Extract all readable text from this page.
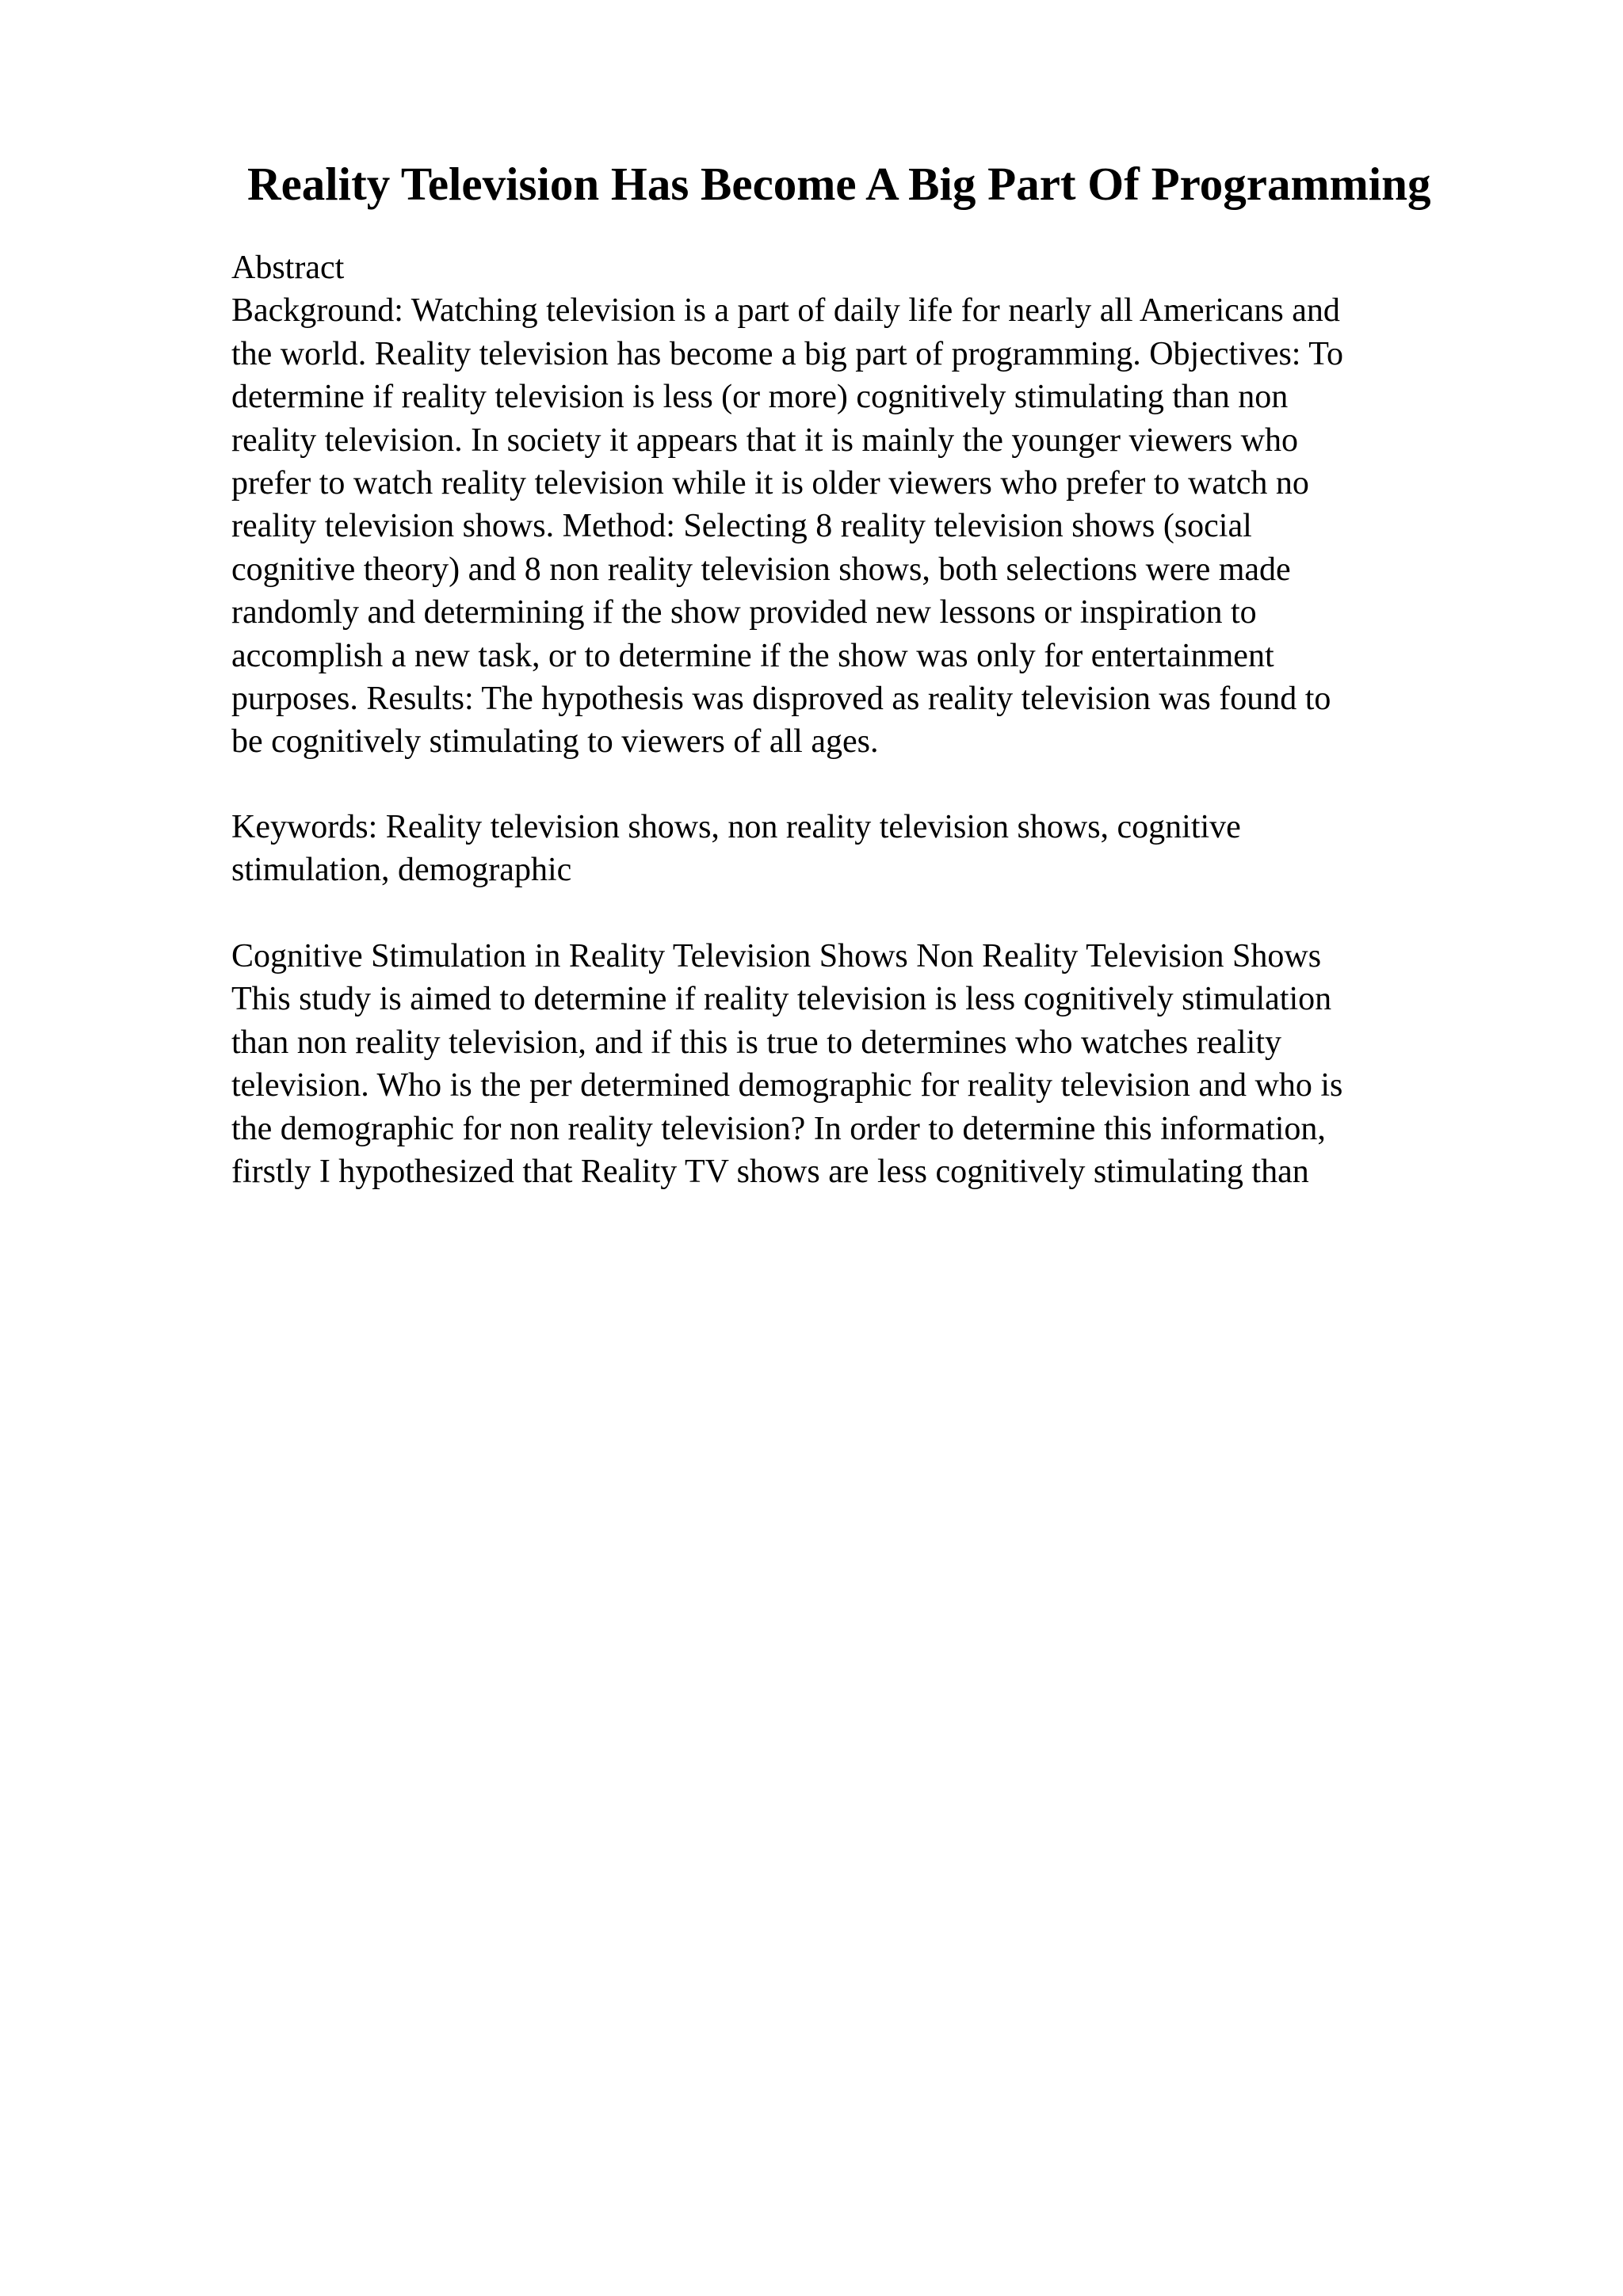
Reality Television Has Become A Big Part Of Programming
Abstract
Background: Watching television is a part of daily life for nearly all Americans and
the world. Reality television has become a big part of programming. Objectives: To
determine if reality television is less (or more) cognitively stimulating than non
reality television. In society it appears that it is mainly the younger viewers who
prefer to watch reality television while it is older viewers who prefer to watch no
reality television shows. Method: Selecting 8 reality television shows (social
cognitive theory) and 8 non reality television shows, both selections were made
randomly and determining if the show provided new lessons or inspiration to
accomplish a new task, or to determine if the show was only for entertainment
purposes. Results: The hypothesis was disproved as reality television was found to
be cognitively stimulating to viewers of all ages.
Keywords: Reality television shows, non reality television shows, cognitive
stimulation, demographic
Cognitive Stimulation in Reality Television Shows Non Reality Television Shows
This study is aimed to determine if reality television is less cognitively stimulation
than non reality television, and if this is true to determines who watches reality
television. Who is the per determined demographic for reality television and who is
the demographic for non reality television? In order to determine this information,
firstly I hypothesized that Reality TV shows are less cognitively stimulating than
